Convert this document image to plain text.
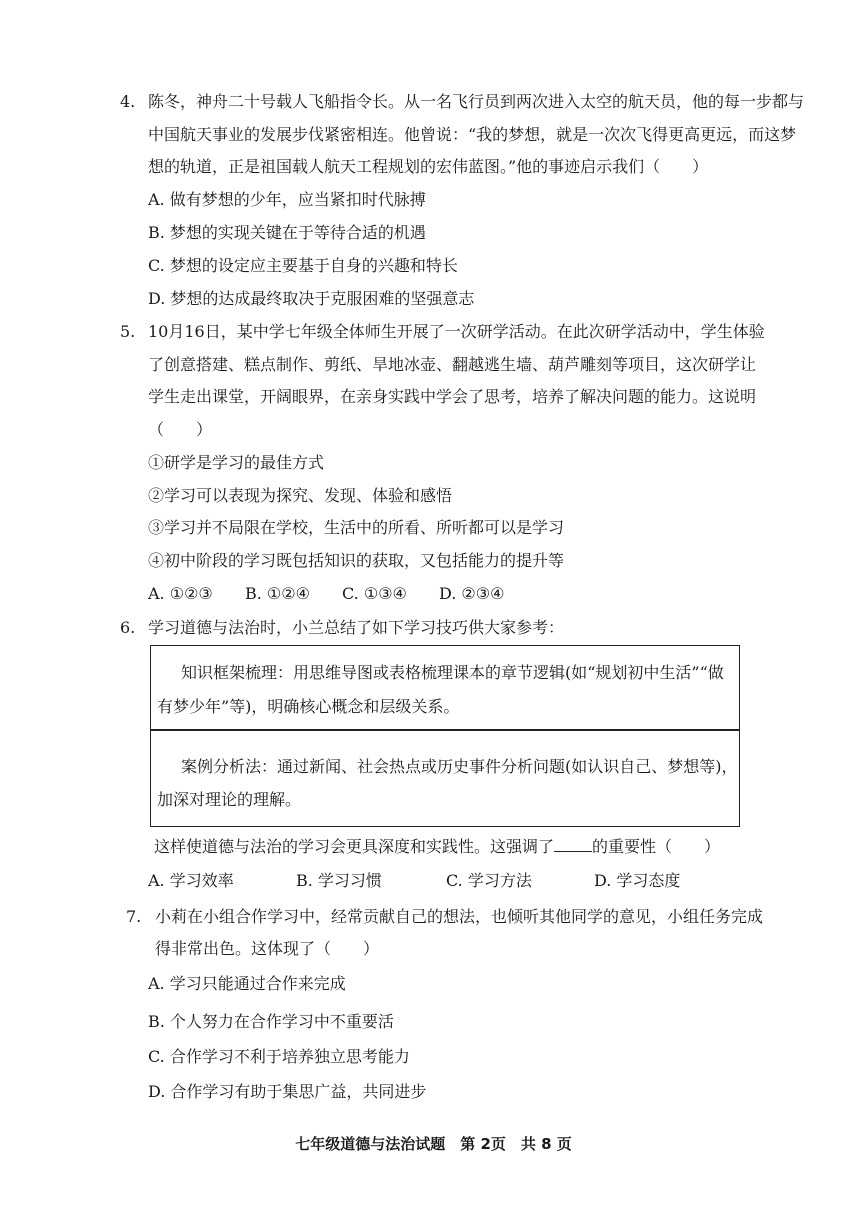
4. 陈冬，神舟二十号载人飞船指令长。从一名飞行员到两次进入太空的航天员，他的每一步都与
中国航天事业的发展步伐紧密相连。他曾说：“我的梦想，就是一次次飞得更高更远，而这梦
想的轨道，正是祖国载人航天工程规划的宏伟蓝图。”他的事迹启示我们（　　）
A. 做有梦想的少年，应当紧扣时代脉搏
B. 梦想的实现关键在于等待合适的机遇
C. 梦想的设定应主要基于自身的兴趣和特长
D. 梦想的达成最终取决于克服困难的坚强意志
5. 10月16日，某中学七年级全体师生开展了一次研学活动。在此次研学活动中，学生体验
了创意搭建、糕点制作、剪纸、旱地冰壶、翻越逃生墙、葫芦雕刻等项目，这次研学让
学生走出课堂，开阔眼界，在亲身实践中学会了思考，培养了解决问题的能力。这说明
（　　）
①研学是学习的最佳方式
②学习可以表现为探究、发现、体验和感悟
③学习并不局限在学校，生活中的所看、所听都可以是学习
④初中阶段的学习既包括知识的获取，又包括能力的提升等
A. ①②③ B. ①②④ C. ①③④ D. ②③④
6. 学习道德与法治时，小兰总结了如下学习技巧供大家参考：
知识框架梳理：用思维导图或表格梳理课本的章节逻辑(如“规划初中生活”“做
有梦少年”等)，明确核心概念和层级关系。
案例分析法：通过新闻、社会热点或历史事件分析问题(如认识自己、梦想等)，
加深对理论的理解。
这样使道德与法治的学习会更具深度和实践性。这强调了 的重要性（　　）
A. 学习效率	B. 学习习惯	C. 学习方法	D. 学习态度
7. 小莉在小组合作学习中，经常贡献自己的想法，也倾听其他同学的意见，小组任务完成
得非常出色。这体现了（　　）
A. 学习只能通过合作来完成
B. 个人努力在合作学习中不重要活
C. 合作学习不利于培养独立思考能力
D. 合作学习有助于集思广益，共同进步
七年级道德与法治试题　第 2页　共 8 页
